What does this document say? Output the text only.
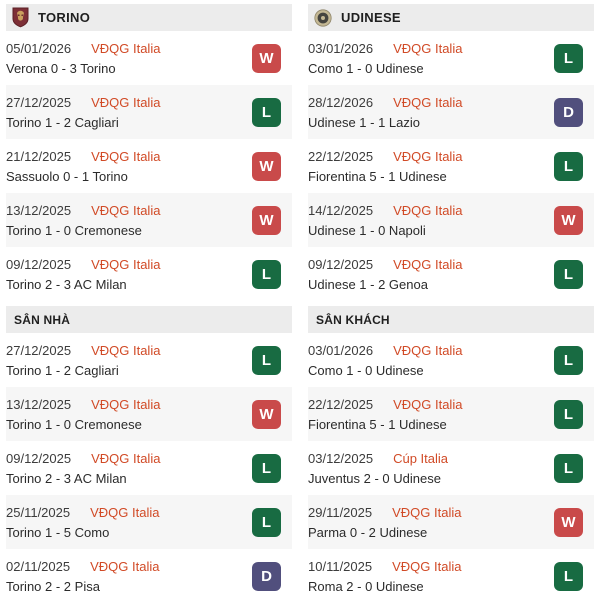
TORINO
05/01/2026 VĐQG Italia
Verona 0 - 3 Torino
W
27/12/2025 VĐQG Italia
Torino 1 - 2 Cagliari
L
21/12/2025 VĐQG Italia
Sassuolo 0 - 1 Torino
W
13/12/2025 VĐQG Italia
Torino 1 - 0 Cremonese
W
09/12/2025 VĐQG Italia
Torino 2 - 3 AC Milan
L
SÂN NHÀ
27/12/2025 VĐQG Italia
Torino 1 - 2 Cagliari
L
13/12/2025 VĐQG Italia
Torino 1 - 0 Cremonese
W
09/12/2025 VĐQG Italia
Torino 2 - 3 AC Milan
L
25/11/2025 VĐQG Italia
Torino 1 - 5 Como
L
02/11/2025 VĐQG Italia
Torino 2 - 2 Pisa
D
UDINESE
03/01/2026 VĐQG Italia
Como 1 - 0 Udinese
L
28/12/2026 VĐQG Italia
Udinese 1 - 1 Lazio
D
22/12/2025 VĐQG Italia
Fiorentina 5 - 1 Udinese
L
14/12/2025 VĐQG Italia
Udinese 1 - 0 Napoli
W
09/12/2025 VĐQG Italia
Udinese 1 - 2 Genoa
L
SÂN KHÁCH
03/01/2026 VĐQG Italia
Como 1 - 0 Udinese
L
22/12/2025 VĐQG Italia
Fiorentina 5 - 1 Udinese
L
03/12/2025 Cúp Italia
Juventus 2 - 0 Udinese
L
29/11/2025 VĐQG Italia
Parma 0 - 2 Udinese
W
10/11/2025 VĐQG Italia
Roma 2 - 0 Udinese
L
